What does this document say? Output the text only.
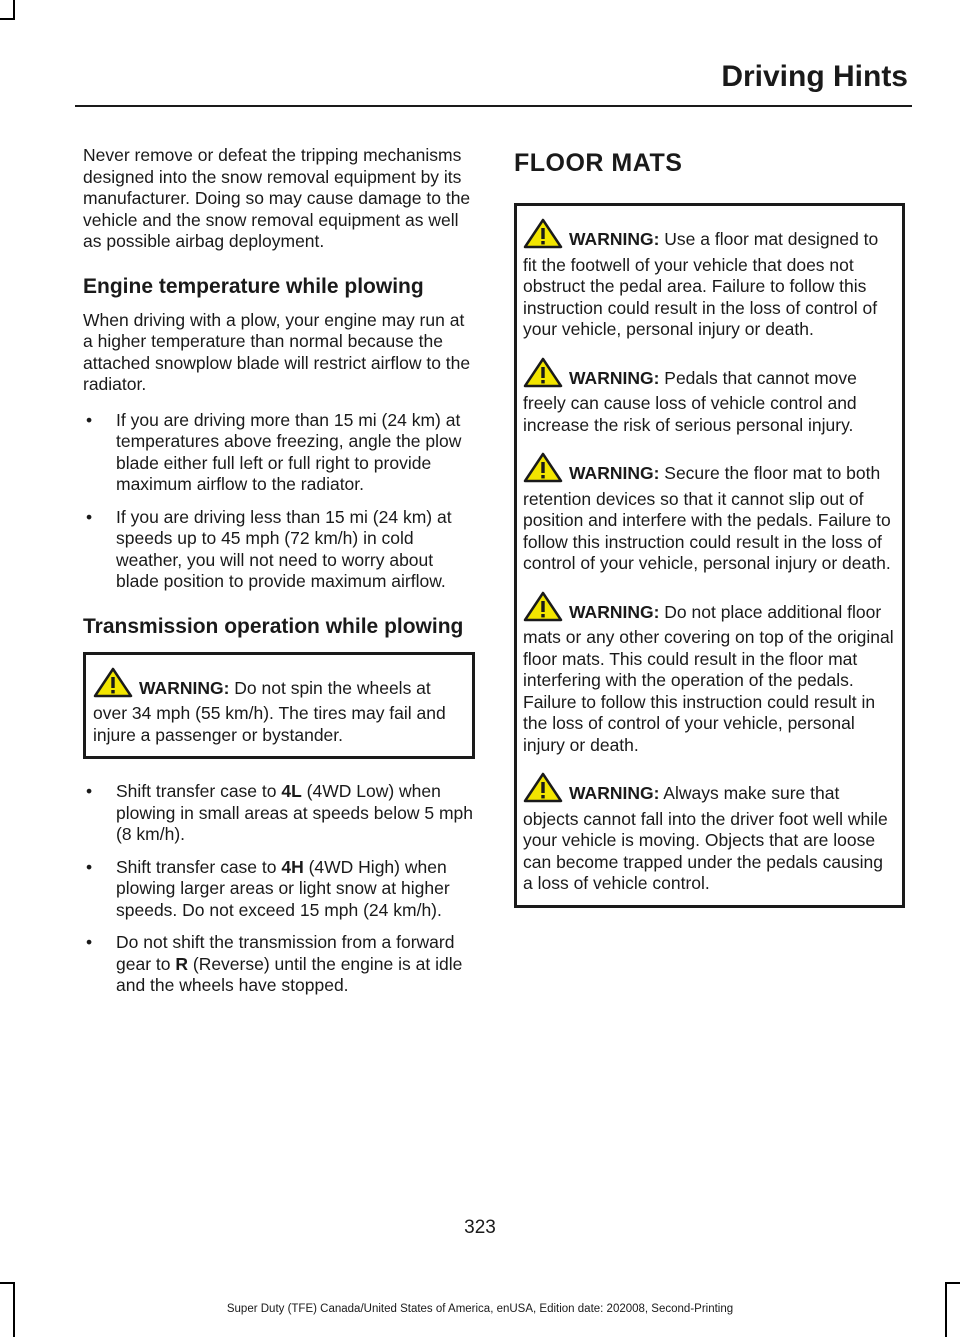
Driving Hints

Never remove or defeat the tripping mechanisms designed into the snow removal equipment by its manufacturer. Doing so may cause damage to the vehicle and the snow removal equipment as well as possible airbag deployment.

Engine temperature while plowing

When driving with a plow, your engine may run at a higher temperature than normal because the attached snowplow blade will restrict airflow to the radiator.

• If you are driving more than 15 mi (24 km) at temperatures above freezing, angle the plow blade either full left or full right to provide maximum airflow to the radiator.
• If you are driving less than 15 mi (24 km) at speeds up to 45 mph (72 km/h) in cold weather, you will not need to worry about blade position to provide maximum airflow.
Transmission operation while plowing

WARNING: Do not spin the wheels at over 34 mph (55 km/h). The tires may fail and injure a passenger or bystander.

• Shift transfer case to 4L (4WD Low) when plowing in small areas at speeds below 5 mph (8 km/h).
• Shift transfer case to 4H (4WD High) when plowing larger areas or light snow at higher speeds. Do not exceed 15 mph (24 km/h).
• Do not shift the transmission from a forward gear to R (Reverse) until the engine is at idle and the wheels have stopped.
FLOOR MATS

WARNING: Use a floor mat designed to fit the footwell of your vehicle that does not obstruct the pedal area. Failure to follow this instruction could result in the loss of control of your vehicle, personal injury or death.

WARNING: Pedals that cannot move freely can cause loss of vehicle control and increase the risk of serious personal injury.

WARNING: Secure the floor mat to both retention devices so that it cannot slip out of position and interfere with the pedals. Failure to follow this instruction could result in the loss of control of your vehicle, personal injury or death.

WARNING: Do not place additional floor mats or any other covering on top of the original floor mats. This could result in the floor mat interfering with the operation of the pedals. Failure to follow this instruction could result in the loss of control of your vehicle, personal injury or death.

WARNING: Always make sure that objects cannot fall into the driver foot well while your vehicle is moving. Objects that are loose can become trapped under the pedals causing a loss of vehicle control.

323
Super Duty (TFE) Canada/United States of America, enUSA, Edition date: 202008, Second-Printing
